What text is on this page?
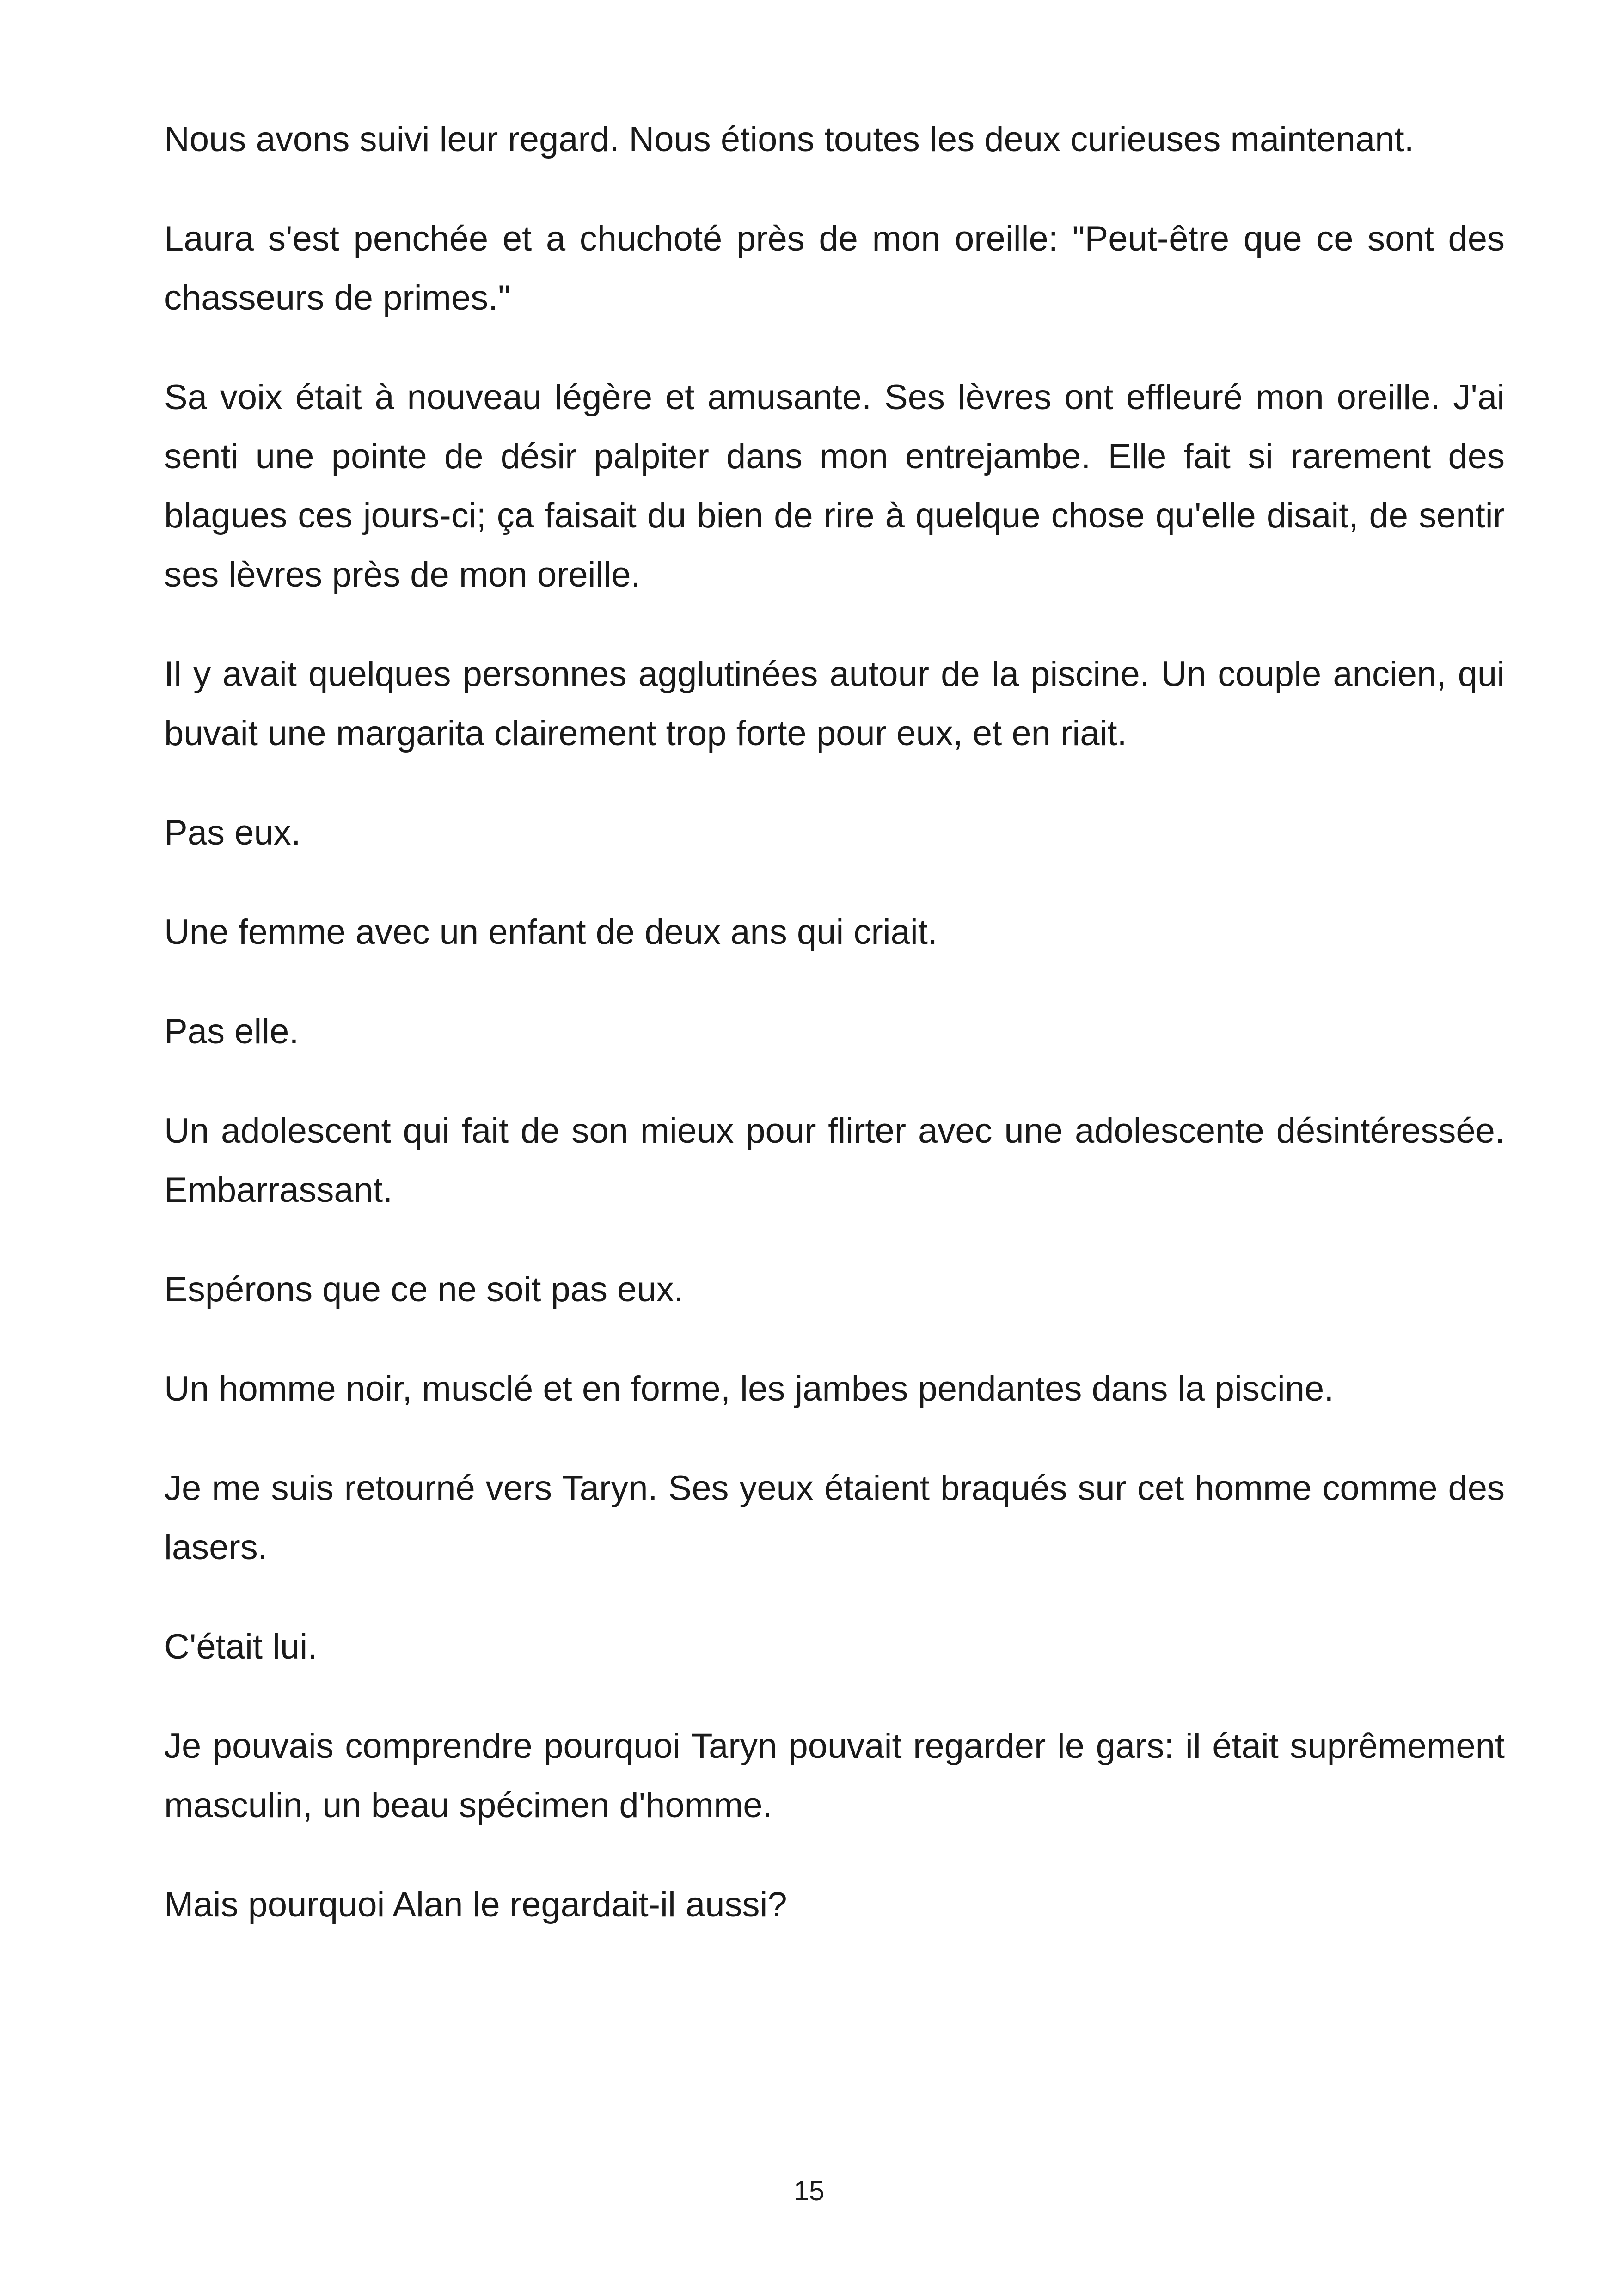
Nous avons suivi leur regard. Nous étions toutes les deux curieuses maintenant.

Laura s'est penchée et a chuchoté près de mon oreille: "Peut-être que ce sont des chasseurs de primes."

Sa voix était à nouveau légère et amusante. Ses lèvres ont effleuré mon oreille. J'ai senti une pointe de désir palpiter dans mon entrejambe. Elle fait si rarement des blagues ces jours-ci; ça faisait du bien de rire à quelque chose qu'elle disait, de sentir ses lèvres près de mon oreille.

Il y avait quelques personnes agglutinées autour de la piscine. Un couple ancien, qui buvait une margarita clairement trop forte pour eux, et en riait.

Pas eux.

Une femme avec un enfant de deux ans qui criait.

Pas elle.

Un adolescent qui fait de son mieux pour flirter avec une adolescente désintéressée. Embarrassant.

Espérons que ce ne soit pas eux.

Un homme noir, musclé et en forme, les jambes pendantes dans la piscine.

Je me suis retourné vers Taryn. Ses yeux étaient braqués sur cet homme comme des lasers.

C'était lui.

Je pouvais comprendre pourquoi Taryn pouvait regarder le gars: il était suprêmement masculin, un beau spécimen d'homme.

Mais pourquoi Alan le regardait-il aussi?

15
